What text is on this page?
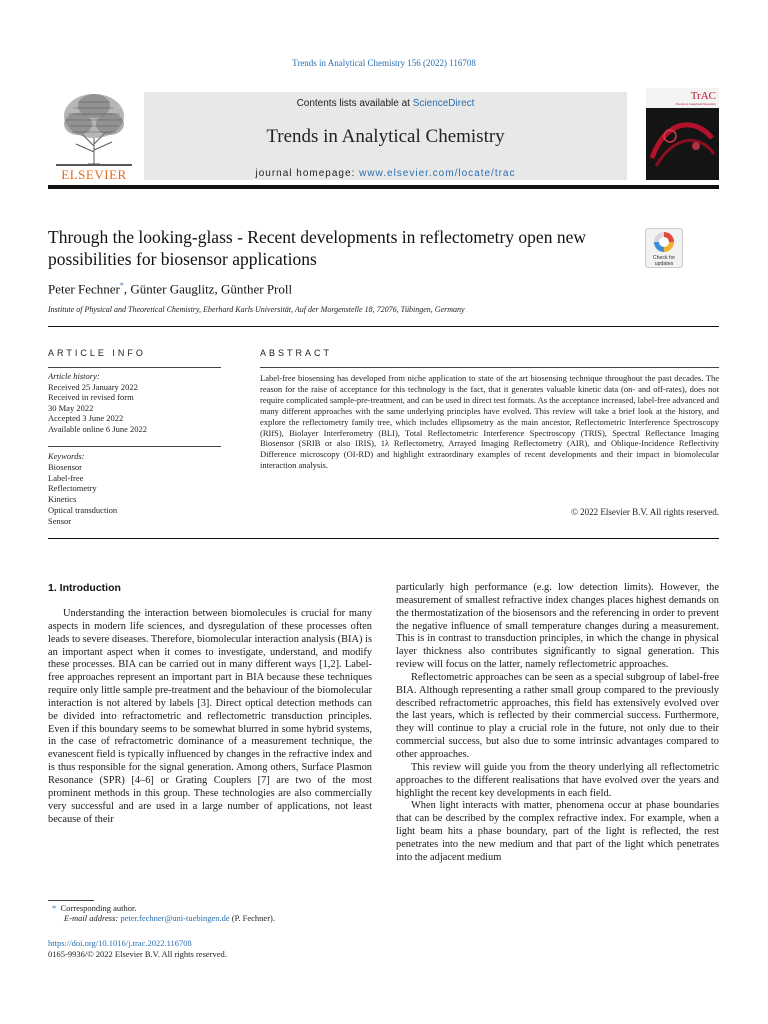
Trends in Analytical Chemistry 156 (2022) 116708
ELSEVIER
Contents lists available at ScienceDirect
Trends in Analytical Chemistry
journal homepage: www.elsevier.com/locate/trac
TrAC
Trends in Analytical Chemistry
Through the looking-glass - Recent developments in reflectometry open new possibilities for biosensor applications	Check for
updates
Peter Fechner*, Günter Gauglitz, Günther Proll
Institute of Physical and Theoretical Chemistry, Eberhard Karls Universität, Auf der Morgenstelle 18, 72076, Tübingen, Germany
ARTICLE INFO	ABSTRACT
Article history:
Received 25 January 2022
Received in revised form
30 May 2022
Accepted 3 June 2022
Available online 6 June 2022
Keywords:
Biosensor
Label-free
Reflectometry
Kinetics
Optical transduction
Sensor
Label-free biosensing has developed from niche application to state of the art biosensing technique throughout the past decades. The reason for the raise of acceptance for this technology is the fact, that it generates valuable kinetic data (on- and off-rates), does not require complicated sample-pre-treatment, and can be used in direct test formats. As the acceptance increased, label-free advanced and many different approaches with the same underlying principles have evolved. This review will take a brief look at the history, and explore the reflectometry family tree, which includes ellipsometry as the main ancestor, Reflectometric Interference Spectroscopy (RIfS), Biolayer Interferometry (BLI), Total Reflectometric Interference Spectroscopy (TRIS), Spectral Reflectance Imaging Biosensor (SRIB or also IRIS), 1λ Reflectometry, Arrayed Imaging Reflectometry (AIR), and Oblique-Incidence Reflectivity Difference microscopy (OI-RD) and highlight extraordinary examples of recent developments and their impact in biomolecular interaction analysis.
© 2022 Elsevier B.V. All rights reserved.
1. Introduction

Understanding the interaction between biomolecules is crucial for many aspects in modern life sciences, and dysregulation of these processes often leads to severe diseases. Therefore, biomolecular interaction analysis (BIA) is an important aspect when it comes to investigate, understand, and modify these processes. BIA can be carried out in many different ways [1,2]. Label-free approaches represent an important part in BIA because these techniques require only little sample pre-treatment and the behaviour of the biomolecular interaction is not altered by labels [3]. Direct optical detection methods can be divided into refractometric and reflectometric transduction principles. Even if this boundary seems to be somewhat blurred in some hybrid systems, in the case of refractometric dominance of a measurement technique, the evanescent field is typically influenced by changes in the refractive index and is thus responsible for the signal generation. Among others, Surface Plasmon Resonance (SPR) [4–6] or Grating Couplers [7] are two of the most prominent methods in this group. These technologies are also commercially very successful and are used in a large number of applications, not least because of their

particularly high performance (e.g. low detection limits). However, the measurement of smallest refractive index changes places highest demands on the thermostatization of the biosensors and the referencing in order to prevent the negative influence of small temperature changes during a measurement. This is in contrast to transduction principles, in which the change in physical layer thickness also contributes significantly to signal generation. This review will focus on the latter, namely reflectometric approaches.

Reflectometric approaches can be seen as a special subgroup of label-free BIA. Although representing a rather small group compared to the previously described refractometric approaches, this field has extensively evolved over the last years, which is reflected by their commercial success. Furthermore, they will continue to play a crucial role in the future, not only due to their commercial success, but also due to some intrinsic advantages compared to other approaches.

This review will guide you from the theory underlying all reflectometric approaches to the different realisations that have evolved over the years and highlight the recent key developments in each field.

When light interacts with matter, phenomena occur at phase boundaries that can be described by the complex refractive index. For example, when a light beam hits a phase boundary, part of the light is reflected, the rest penetrates into the new medium and that part of the light which penetrates into the adjacent medium

* Corresponding author.
E-mail address: peter.fechner@uni-tuebingen.de (P. Fechner).
https://doi.org/10.1016/j.trac.2022.116708
0165-9936/© 2022 Elsevier B.V. All rights reserved.
